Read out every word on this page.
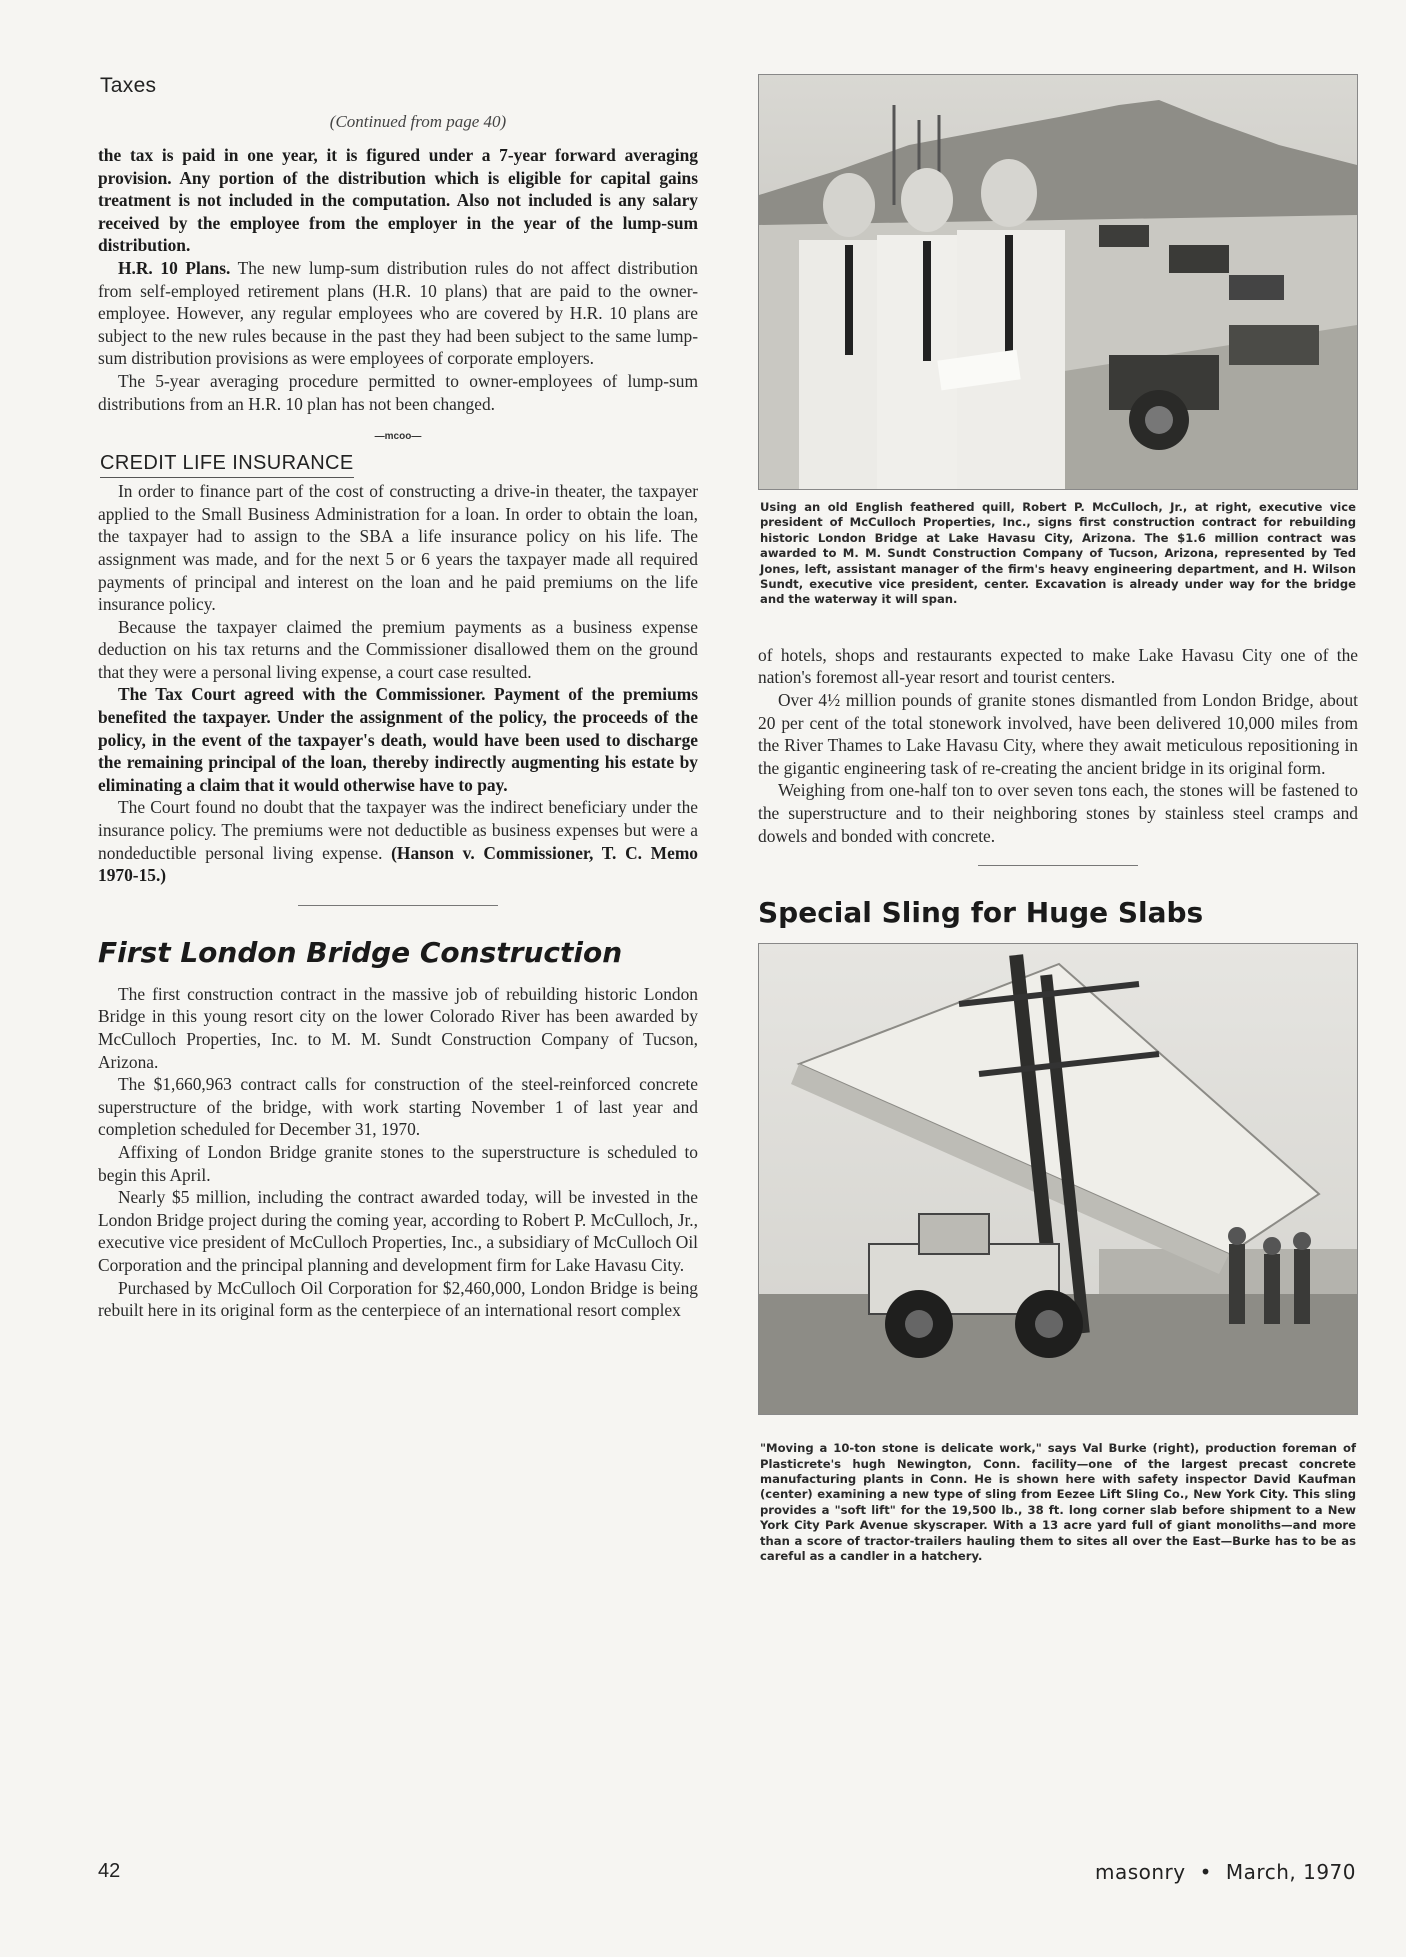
Taxes
(Continued from page 40)

the tax is paid in one year, it is figured under a 7-year forward averaging provision. Any portion of the distribution which is eligible for capital gains treatment is not included in the computation. Also not included is any salary received by the employee from the employer in the year of the lump-sum distribution.

H.R. 10 Plans. The new lump-sum distribution rules do not affect distribution from self-employed retirement plans (H.R. 10 plans) that are paid to the owner-employee. However, any regular employees who are covered by H.R. 10 plans are subject to the new rules because in the past they had been subject to the same lump-sum distribution provisions as were employees of corporate employers.

The 5-year averaging procedure permitted to owner-employees of lump-sum distributions from an H.R. 10 plan has not been changed.

—mcoo—
CREDIT LIFE INSURANCE

In order to finance part of the cost of constructing a drive-in theater, the taxpayer applied to the Small Business Administration for a loan. In order to obtain the loan, the taxpayer had to assign to the SBA a life insurance policy on his life. The assignment was made, and for the next 5 or 6 years the taxpayer made all required payments of principal and interest on the loan and he paid premiums on the life insurance policy.

Because the taxpayer claimed the premium payments as a business expense deduction on his tax returns and the Commissioner disallowed them on the ground that they were a personal living expense, a court case resulted.

The Tax Court agreed with the Commissioner. Payment of the premiums benefited the taxpayer. Under the assignment of the policy, the proceeds of the policy, in the event of the taxpayer's death, would have been used to discharge the remaining principal of the loan, thereby indirectly augmenting his estate by eliminating a claim that it would otherwise have to pay.

The Court found no doubt that the taxpayer was the indirect beneficiary under the insurance policy. The premiums were not deductible as business expenses but were a nondeductible personal living expense. (Hanson v. Commissioner, T. C. Memo 1970-15.)

First London Bridge Construction

The first construction contract in the massive job of rebuilding historic London Bridge in this young resort city on the lower Colorado River has been awarded by McCulloch Properties, Inc. to M. M. Sundt Construction Company of Tucson, Arizona.

The $1,660,963 contract calls for construction of the steel-reinforced concrete superstructure of the bridge, with work starting November 1 of last year and completion scheduled for December 31, 1970.

Affixing of London Bridge granite stones to the superstructure is scheduled to begin this April.

Nearly $5 million, including the contract awarded today, will be invested in the London Bridge project during the coming year, according to Robert P. McCulloch, Jr., executive vice president of McCulloch Properties, Inc., a subsidiary of McCulloch Oil Corporation and the principal planning and development firm for Lake Havasu City.

Purchased by McCulloch Oil Corporation for $2,460,000, London Bridge is being rebuilt here in its original form as the centerpiece of an international resort complex

Using an old English feathered quill, Robert P. McCulloch, Jr., at right, executive vice president of McCulloch Properties, Inc., signs first construction contract for rebuilding historic London Bridge at Lake Havasu City, Arizona. The $1.6 million contract was awarded to M. M. Sundt Construction Company of Tucson, Arizona, represented by Ted Jones, left, assistant manager of the firm's heavy engineering department, and H. Wilson Sundt, executive vice president, center. Excavation is already under way for the bridge and the waterway it will span.

of hotels, shops and restaurants expected to make Lake Havasu City one of the nation's foremost all-year resort and tourist centers.

Over 4½ million pounds of granite stones dismantled from London Bridge, about 20 per cent of the total stonework involved, have been delivered 10,000 miles from the River Thames to Lake Havasu City, where they await meticulous repositioning in the gigantic engineering task of re-creating the ancient bridge in its original form.

Weighing from one-half ton to over seven tons each, the stones will be fastened to the superstructure and to their neighboring stones by stainless steel cramps and dowels and bonded with concrete.

Special Sling for Huge Slabs
"Moving a 10-ton stone is delicate work," says Val Burke (right), production foreman of Plasticrete's hugh Newington, Conn. facility—one of the largest precast concrete manufacturing plants in Conn. He is shown here with safety inspector David Kaufman (center) examining a new type of sling from Eezee Lift Sling Co., New York City. This sling provides a "soft lift" for the 19,500 lb., 38 ft. long corner slab before shipment to a New York City Park Avenue skyscraper. With a 13 acre yard full of giant monoliths—and more than a score of tractor-trailers hauling them to sites all over the East—Burke has to be as careful as a candler in a hatchery.
42	masonry • March, 1970
